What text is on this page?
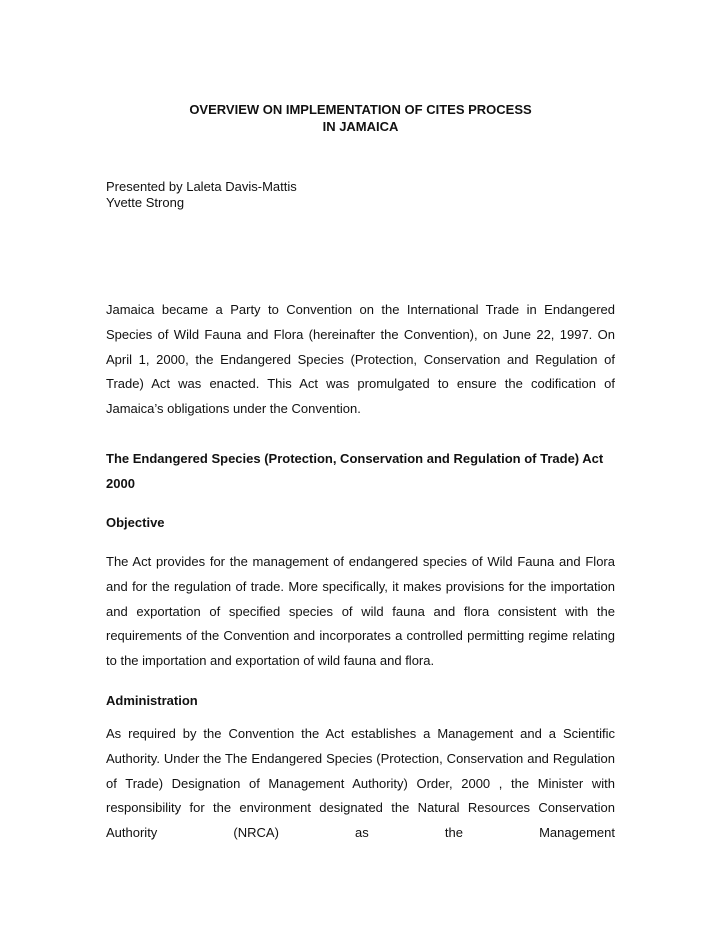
OVERVIEW ON IMPLEMENTATION OF CITES PROCESS
IN JAMAICA
Presented by Laleta Davis-Mattis
Yvette Strong

Jamaica became a Party to Convention on the International Trade in Endangered Species of Wild Fauna and Flora (hereinafter the Convention), on June 22, 1997. On April 1, 2000, the Endangered Species (Protection, Conservation and Regulation of Trade) Act was enacted. This Act was promulgated to ensure the codification of Jamaica’s obligations under the Convention.

The Endangered Species (Protection, Conservation and Regulation of Trade) Act 2000

Objective

The Act provides for the management of endangered species of Wild Fauna and Flora and for the regulation of trade. More specifically, it makes provisions for the importation and exportation of specified species of wild fauna and flora consistent with the requirements of the Convention and incorporates a controlled permitting regime relating to the importation and exportation of wild fauna and flora.

Administration

As required by the Convention the Act establishes a Management and a Scientific Authority. Under the The Endangered Species (Protection, Conservation and Regulation of Trade) Designation of Management Authority) Order, 2000 , the Minister with responsibility for the environment designated the Natural Resources Conservation Authority (NRCA) as the Management
